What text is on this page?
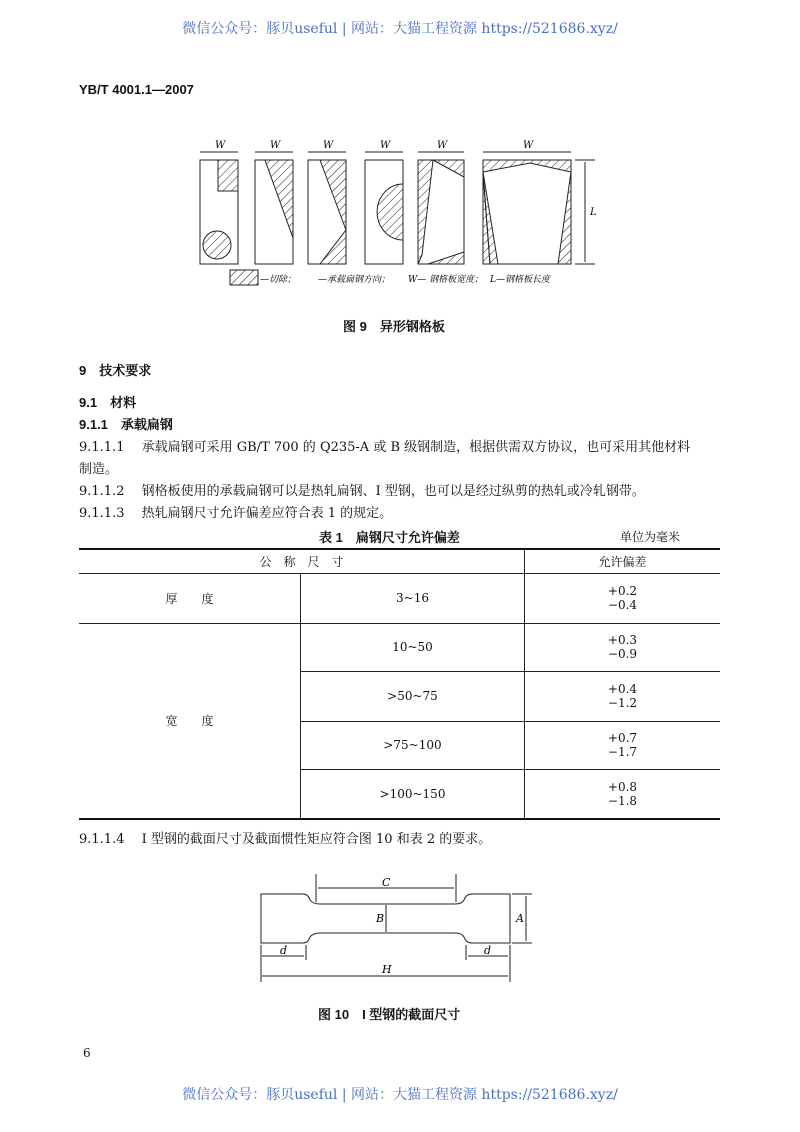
微信公众号：豚贝useful | 网站：大猫工程资源 https://521686.xyz/
YB/T 4001.1—2007
W	W	W	W	W	W
L
—切除； —承载扁钢方向； W— 钢格板宽度； L—钢格板长度
图 9　异形钢格板
9　技术要求
9.1　材料
9.1.1　承载扁钢
9.1.1.1　 承载扁钢可采用 GB/T 700 的 Q235-A 或 B 级钢制造，根据供需双方协议，也可采用其他材料
制造。
9.1.1.2　 钢格板使用的承载扁钢可以是热轧扁钢、I 型钢，也可以是经过纵剪的热轧或冷轧钢带。
9.1.1.3　 热轧扁钢尺寸允许偏差应符合表 1 的规定。
表 1　扁钢尺寸允许偏差	单位为毫米
公　称　尺　寸		允许偏差
厚　　度	3~16	+0.2
−0.4

宽　　度	10~50	+0.3
−0.9

	>50~75	+0.4
−1.2

	>75~100	+0.7
−1.7

	>100~150	+0.8
−1.8
9.1.1.4　 I 型钢的截面尺寸及截面惯性矩应符合图 10 和表 2 的要求。
C
B	A
d	d
H
图 10　I 型钢的截面尺寸
6
微信公众号：豚贝useful | 网站：大猫工程资源 https://521686.xyz/
